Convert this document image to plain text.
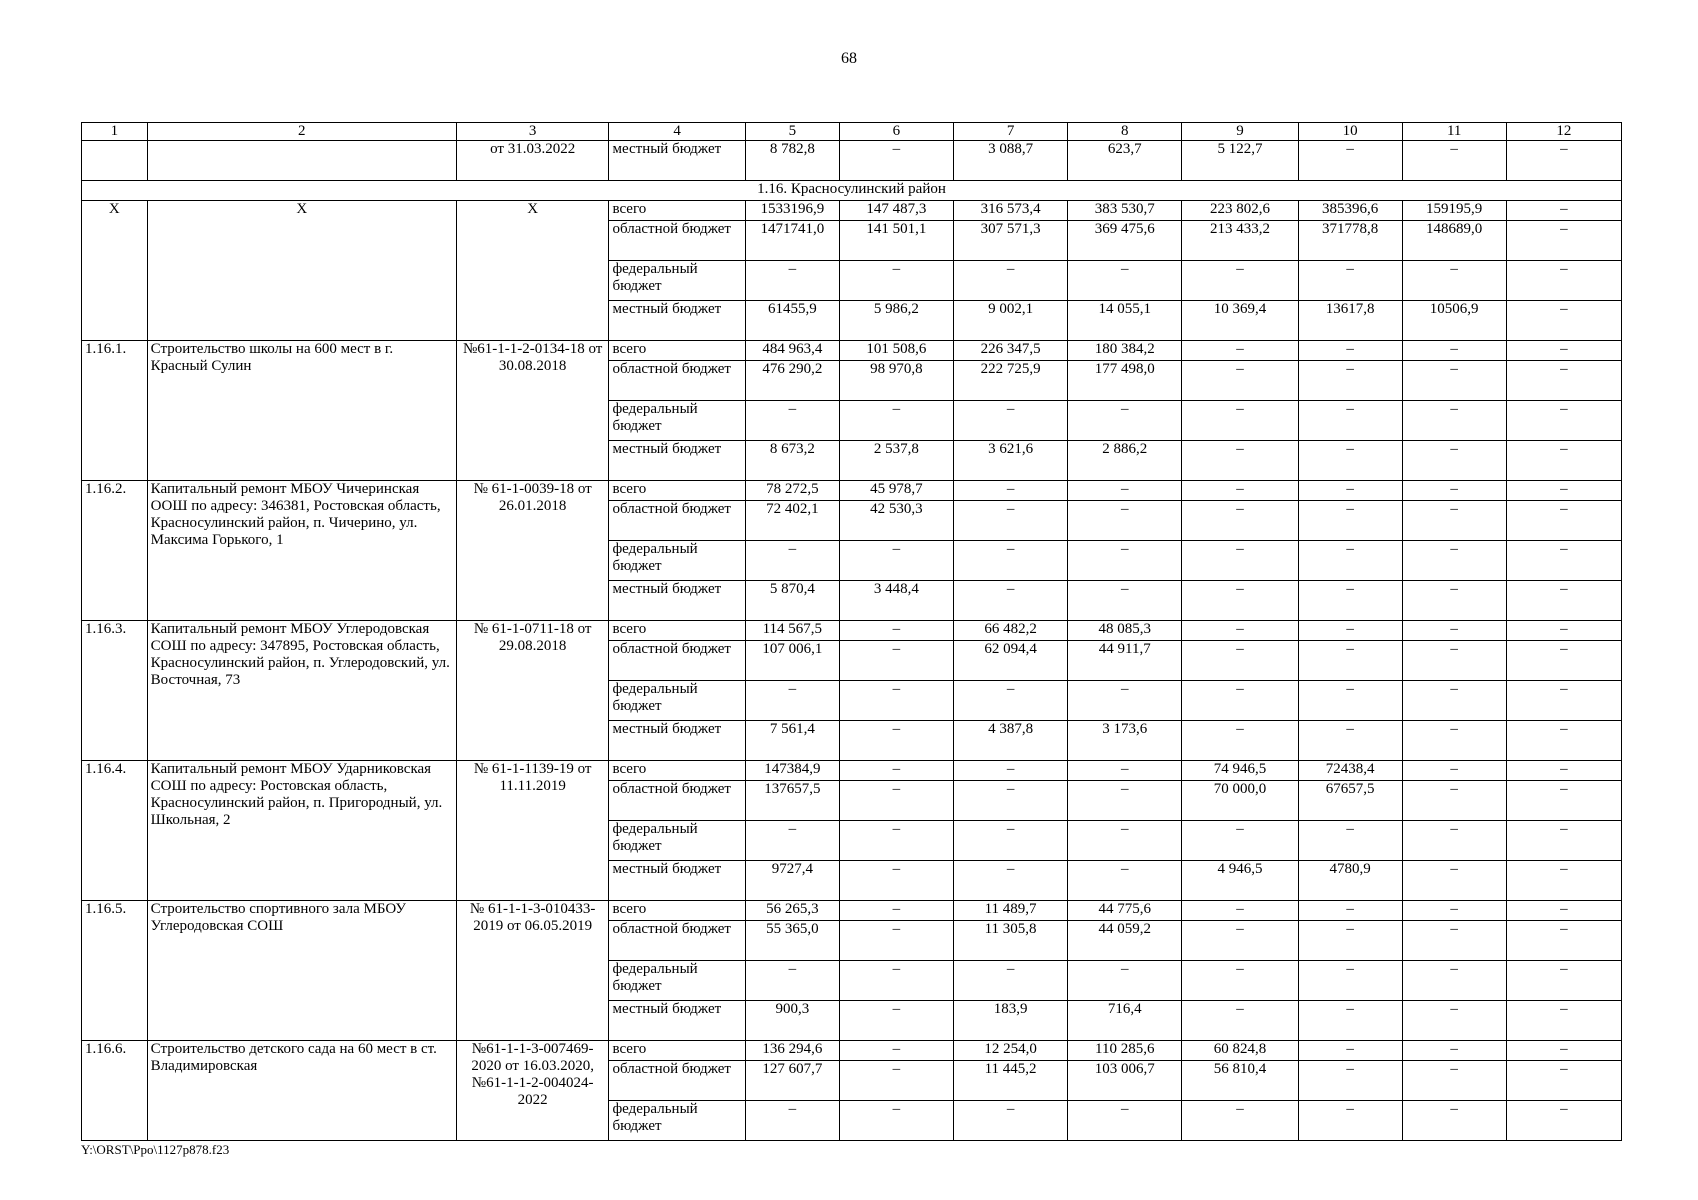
68
1	2	3	4	5	6	7	8	9	10	11	12
		от 31.03.2022	местный бюджет	8 782,8	–	3 088,7	623,7	5 122,7	–	–	–
1.16. Красносулинский район											
Х	Х	Х	всего	1533196,9	147 487,3	316 573,4	383 530,7	223 802,6	385396,6	159195,9	–
			областной бюджет	1471741,0	141 501,1	307 571,3	369 475,6	213 433,2	371778,8	148689,0	–
			федеральный бюджет	–	–	–	–	–	–	–	–
			местный бюджет	61455,9	5 986,2	9 002,1	14 055,1	10 369,4	13617,8	10506,9	–
1.16.1.	Строительство школы на 600 мест в г. Красный Сулин	№61-1-1-2-0134-18 от 30.08.2018	всего	484 963,4	101 508,6	226 347,5	180 384,2	–	–	–	–
			областной бюджет	476 290,2	98 970,8	222 725,9	177 498,0	–	–	–	–
			федеральный бюджет	–	–	–	–	–	–	–	–
			местный бюджет	8 673,2	2 537,8	3 621,6	2 886,2	–	–	–	–
1.16.2.	Капитальный ремонт МБОУ Чичеринская ООШ по адресу: 346381, Ростовская область, Красносулинский район, п. Чичерино, ул. Максима Горького, 1	№ 61-1-0039-18 от 26.01.2018	всего	78 272,5	45 978,7	–	–	–	–	–	–
			областной бюджет	72 402,1	42 530,3	–	–	–	–	–	–
			федеральный бюджет	–	–	–	–	–	–	–	–
			местный бюджет	5 870,4	3 448,4	–	–	–	–	–	–
1.16.3.	Капитальный ремонт МБОУ Углеродовская СОШ по адресу: 347895, Ростовская область, Красносулинский район, п. Углеродовский, ул. Восточная, 73	№ 61-1-0711-18 от 29.08.2018	всего	114 567,5	–	66 482,2	48 085,3	–	–	–	–
			областной бюджет	107 006,1	–	62 094,4	44 911,7	–	–	–	–
			федеральный бюджет	–	–	–	–	–	–	–	–
			местный бюджет	7 561,4	–	4 387,8	3 173,6	–	–	–	–
1.16.4.	Капитальный ремонт МБОУ Ударниковская СОШ по адресу: Ростовская область, Красносулинский район, п. Пригородный, ул. Школьная, 2	№ 61-1-1139-19 от 11.11.2019	всего	147384,9	–	–	–	74 946,5	72438,4	–	–
			областной бюджет	137657,5	–	–	–	70 000,0	67657,5	–	–
			федеральный бюджет	–	–	–	–	–	–	–	–
			местный бюджет	9727,4	–	–	–	4 946,5	4780,9	–	–
1.16.5.	Строительство спортивного зала МБОУ Углеродовская СОШ	№ 61-1-1-3-010433-2019 от 06.05.2019	всего	56 265,3	–	11 489,7	44 775,6	–	–	–	–
			областной бюджет	55 365,0	–	11 305,8	44 059,2	–	–	–	–
			федеральный бюджет	–	–	–	–	–	–	–	–
			местный бюджет	900,3	–	183,9	716,4	–	–	–	–
1.16.6.	Строительство детского сада на 60 мест в ст. Владимировская	№61-1-1-3-007469-2020 от 16.03.2020, №61-1-1-2-004024-2022	всего	136 294,6	–	12 254,0	110 285,6	60 824,8	–	–	–
			областной бюджет	127 607,7	–	11 445,2	103 006,7	56 810,4	–	–	–
			федеральный бюджет	–	–	–	–	–	–	–	–
Y:\ORST\Ppo\1127p878.f23
